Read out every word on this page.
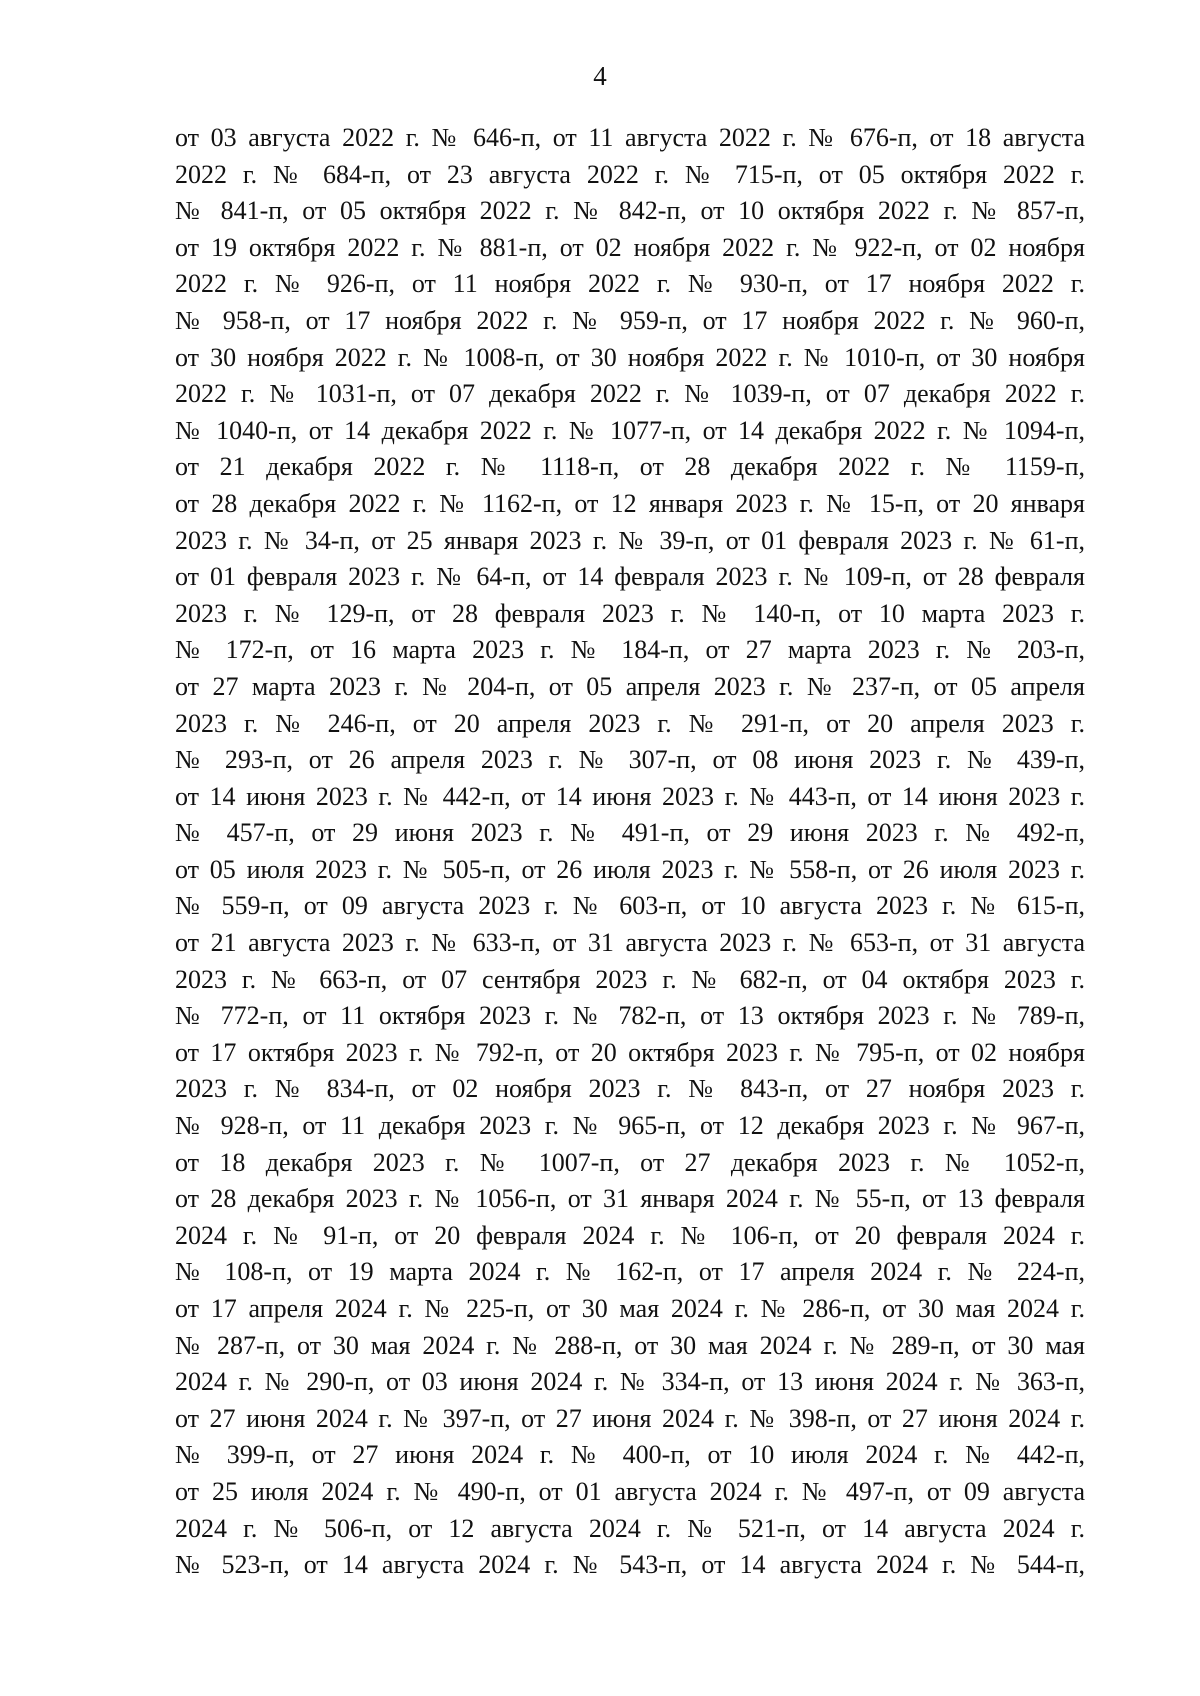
4
от 03 августа 2022 г. № 646-п, от 11 августа 2022 г. № 676-п, от 18 августа
2022 г. № 684-п, от 23 августа 2022 г. № 715-п, от 05 октября 2022 г.
№ 841-п, от 05 октября 2022 г. № 842-п, от 10 октября 2022 г. № 857-п,
от 19 октября 2022 г. № 881-п, от 02 ноября 2022 г. № 922-п, от 02 ноября
2022 г. № 926-п, от 11 ноября 2022 г. № 930-п, от 17 ноября 2022 г.
№ 958-п, от 17 ноября 2022 г. № 959-п, от 17 ноября 2022 г. № 960-п,
от 30 ноября 2022 г. № 1008-п, от 30 ноября 2022 г. № 1010-п, от 30 ноября
2022 г. № 1031-п, от 07 декабря 2022 г. № 1039-п, от 07 декабря 2022 г.
№ 1040-п, от 14 декабря 2022 г. № 1077-п, от 14 декабря 2022 г. № 1094-п,
от 21 декабря 2022 г. № 1118-п, от 28 декабря 2022 г. № 1159-п,
от 28 декабря 2022 г. № 1162-п, от 12 января 2023 г. № 15-п, от 20 января
2023 г. № 34-п, от 25 января 2023 г. № 39-п, от 01 февраля 2023 г. № 61-п,
от 01 февраля 2023 г. № 64-п, от 14 февраля 2023 г. № 109-п, от 28 февраля
2023 г. № 129-п, от 28 февраля 2023 г. № 140-п, от 10 марта 2023 г.
№ 172-п, от 16 марта 2023 г. № 184-п, от 27 марта 2023 г. № 203-п,
от 27 марта 2023 г. № 204-п, от 05 апреля 2023 г. № 237-п, от 05 апреля
2023 г. № 246-п, от 20 апреля 2023 г. № 291-п, от 20 апреля 2023 г.
№ 293-п, от 26 апреля 2023 г. № 307-п, от 08 июня 2023 г. № 439-п,
от 14 июня 2023 г. № 442-п, от 14 июня 2023 г. № 443-п, от 14 июня 2023 г.
№ 457-п, от 29 июня 2023 г. № 491-п, от 29 июня 2023 г. № 492-п,
от 05 июля 2023 г. № 505-п, от 26 июля 2023 г. № 558-п, от 26 июля 2023 г.
№ 559-п, от 09 августа 2023 г. № 603-п, от 10 августа 2023 г. № 615-п,
от 21 августа 2023 г. № 633-п, от 31 августа 2023 г. № 653-п, от 31 августа
2023 г. № 663-п, от 07 сентября 2023 г. № 682-п, от 04 октября 2023 г.
№ 772-п, от 11 октября 2023 г. № 782-п, от 13 октября 2023 г. № 789-п,
от 17 октября 2023 г. № 792-п, от 20 октября 2023 г. № 795-п, от 02 ноября
2023 г. № 834-п, от 02 ноября 2023 г. № 843-п, от 27 ноября 2023 г.
№ 928-п, от 11 декабря 2023 г. № 965-п, от 12 декабря 2023 г. № 967-п,
от 18 декабря 2023 г. № 1007-п, от 27 декабря 2023 г. № 1052-п,
от 28 декабря 2023 г. № 1056-п, от 31 января 2024 г. № 55-п, от 13 февраля
2024 г. № 91-п, от 20 февраля 2024 г. № 106-п, от 20 февраля 2024 г.
№ 108-п, от 19 марта 2024 г. № 162-п, от 17 апреля 2024 г. № 224-п,
от 17 апреля 2024 г. № 225-п, от 30 мая 2024 г. № 286-п, от 30 мая 2024 г.
№ 287-п, от 30 мая 2024 г. № 288-п, от 30 мая 2024 г. № 289-п, от 30 мая
2024 г. № 290-п, от 03 июня 2024 г. № 334-п, от 13 июня 2024 г. № 363-п,
от 27 июня 2024 г. № 397-п, от 27 июня 2024 г. № 398-п, от 27 июня 2024 г.
№ 399-п, от 27 июня 2024 г. № 400-п, от 10 июля 2024 г. № 442-п,
от 25 июля 2024 г. № 490-п, от 01 августа 2024 г. № 497-п, от 09 августа
2024 г. № 506-п, от 12 августа 2024 г. № 521-п, от 14 августа 2024 г.
№ 523-п, от 14 августа 2024 г. № 543-п, от 14 августа 2024 г. № 544-п,
